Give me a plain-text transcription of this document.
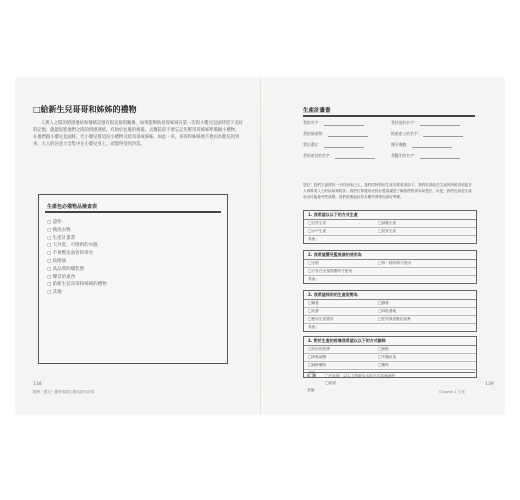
□給新生兒哥哥和姊姊的禮物
人與人之間的情感連結和情緒記憶有很直接的關係，如果能幫助哥哥姊姊在第一次與小嬰兒見面時留下美好的記憶，就能促進他們之間的情感連結，有助於往後的相處。去醫院前不要忘記先幫哥哥姊姊準備個小禮物，在他們跟小嬰兒見面時，代小嬰兒將這份小禮物交給哥哥或姊姊。如此一來，哥哥和姊姊便不會因為嬰兒的到來，大人的注意力全集中在小嬰兒身上，而覺得受到冷落。
生產包必備物品檢查表
□ 證件
□ 換洗衣物
□ 生產計畫書
□ 大外套、可喂奶的衣服
□ 不會壓迫血管的零食
□ 按摩油
□ 高品質的哺乳墊
□ 聲音的東西
□ 給新生兒哥哥和姊姊的禮物
□ 其他
138
國學・嬰兒・嬰學專題主題與寫作指導
生產計畫書
我的名字：	我伴侶的名字：
我的預產期：	助產產士的名字：
我計畫在：	懷孕週數：
我的產兒的名字：	我醫生的名字：
您好！我們夫妻期待一天的到來已久，我們的特質和生產首要事項如下。我們希望能在生產的時候得到更多人與專業人士的協助與陪伴，我們打算運用這份計畫書讓您了解我們的需求和想法，但是，我們也知道生產狀況可能會突然改變，我們需要能針對各種突發情況做好準備。
1. 我希望以以下的方式生產
□自然生產	□剖腹生產
□水中生產	□居家生產
其他：
2. 我希望嬰兒監視器的使用為
□全程	□每一段時間才使用
□只有在出現問題時才使用
其他：
3. 我希望採用的生產姿勢為
□躺著	□蹲著
□站著	□四肢著地
□使用生產器具	□任何我喜歡的姿勢
其他：
4. 對於生產的疼痛我希望以以下的方式解除
□伴侶的按摩	□熱敷
□呼吸調整	□中醫針灸
□麻醉藥物	□藥物
其他：
5. 我 □不希望　以人工剪破羊水的方式加速產程
□希望
其他：
139
Chapter 1 生產
